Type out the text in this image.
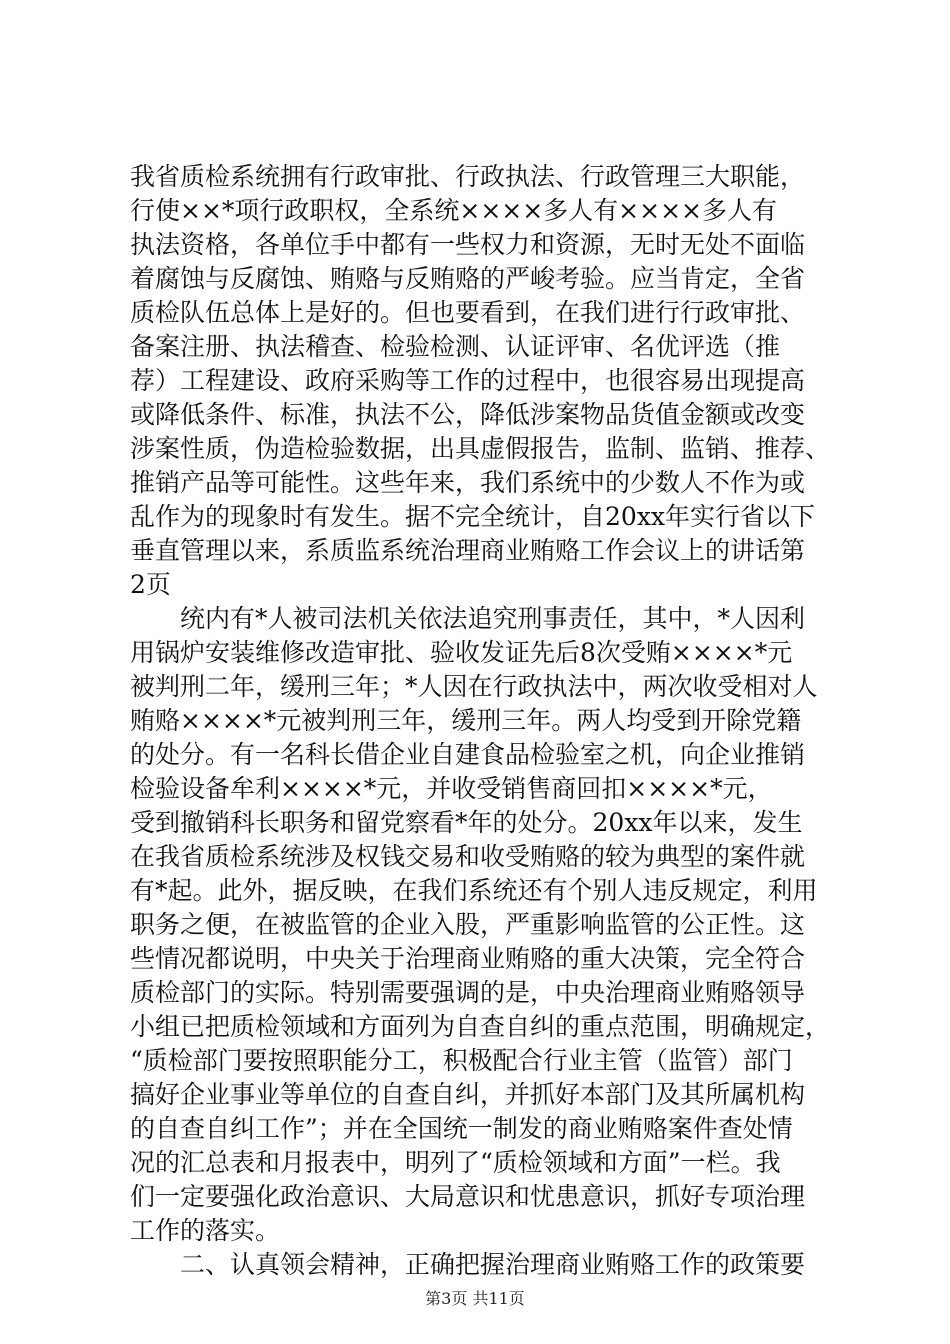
我省质检系统拥有行政审批、行政执法、行政管理三大职能，
行使××*项行政职权，全系统××××多人有××××多人有
执法资格，各单位手中都有一些权力和资源，无时无处不面临
着腐蚀与反腐蚀、贿赂与反贿赂的严峻考验。应当肯定，全省
质检队伍总体上是好的。但也要看到，在我们进行行政审批、
备案注册、执法稽查、检验检测、认证评审、名优评选（推
荐）工程建设、政府采购等工作的过程中，也很容易出现提高
或降低条件、标准，执法不公，降低涉案物品货值金额或改变
涉案性质，伪造检验数据，出具虚假报告，监制、监销、推荐、
推销产品等可能性。这些年来，我们系统中的少数人不作为或
乱作为的现象时有发生。据不完全统计，自20xx年实行省以下
垂直管理以来，系质监系统治理商业贿赂工作会议上的讲话第
2页
统内有*人被司法机关依法追究刑事责任，其中，*人因利
用锅炉安装维修改造审批、验收发证先后8次受贿××××*元
被判刑二年，缓刑三年；*人因在行政执法中，两次收受相对人
贿赂××××*元被判刑三年，缓刑三年。两人均受到开除党籍
的处分。有一名科长借企业自建食品检验室之机，向企业推销
检验设备牟利××××*元，并收受销售商回扣××××*元，
受到撤销科长职务和留党察看*年的处分。20xx年以来，发生
在我省质检系统涉及权钱交易和收受贿赂的较为典型的案件就
有*起。此外，据反映，在我们系统还有个别人违反规定，利用
职务之便，在被监管的企业入股，严重影响监管的公正性。这
些情况都说明，中央关于治理商业贿赂的重大决策，完全符合
质检部门的实际。特别需要强调的是，中央治理商业贿赂领导
小组已把质检领域和方面列为自查自纠的重点范围，明确规定，
“质检部门要按照职能分工，积极配合行业主管（监管）部门
搞好企业事业等单位的自查自纠，并抓好本部门及其所属机构
的自查自纠工作”；并在全国统一制发的商业贿赂案件查处情
况的汇总表和月报表中，明列了“质检领域和方面”一栏。我
们一定要强化政治意识、大局意识和忧患意识，抓好专项治理
工作的落实。
二、认真领会精神，正确把握治理商业贿赂工作的政策要
第3页 共11页
